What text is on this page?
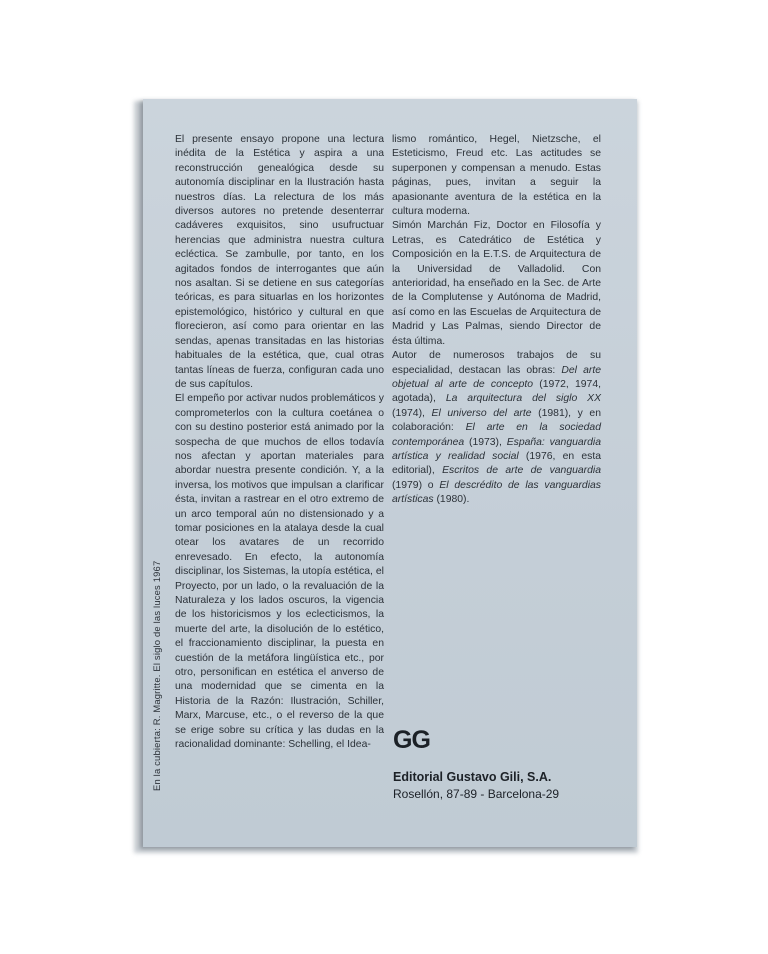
El presente ensayo propone una lectura inédita de la Estética y aspira a una reconstrucción genealógica desde su autonomía disciplinar en la Ilustración hasta nuestros días. La relectura de los más diversos autores no pretende desenterrar cadáveres exquisitos, sino usufructuar herencias que administra nuestra cultura ecléctica. Se zambulle, por tanto, en los agitados fondos de interrogantes que aún nos asaltan. Si se detiene en sus categorías teóricas, es para situarlas en los horizontes epistemológico, histórico y cultural en que florecieron, así como para orientar en las sendas, apenas transitadas en las historias habituales de la estética, que, cual otras tantas líneas de fuerza, configuran cada uno de sus capítulos.

El empeño por activar nudos problemáticos y comprometerlos con la cultura coetánea o con su destino posterior está animado por la sospecha de que muchos de ellos todavía nos afectan y aportan materiales para abordar nuestra presente condición. Y, a la inversa, los motivos que impulsan a clarificar ésta, invitan a rastrear en el otro extremo de un arco temporal aún no distensionado y a tomar posiciones en la atalaya desde la cual otear los avatares de un recorrido enrevesado. En efecto, la autonomía disciplinar, los Sistemas, la utopía estética, el Proyecto, por un lado, o la revaluación de la Naturaleza y los lados oscuros, la vigencia de los historicismos y los eclecticismos, la muerte del arte, la disolución de lo estético, el fraccionamiento disciplinar, la puesta en cuestión de la metáfora lingüística etc., por otro, personifican en estética el anverso de una modernidad que se cimenta en la Historia de la Razón: Ilustración, Schiller, Marx, Marcuse, etc., o el reverso de la que se erige sobre su crítica y las dudas en la racionalidad dominante: Schelling, el Idea-

lismo romántico, Hegel, Nietzsche, el Esteticismo, Freud etc. Las actitudes se superponen y compensan a menudo. Estas páginas, pues, invitan a seguir la apasionante aventura de la estética en la cultura moderna.

Simón Marchán Fiz, Doctor en Filosofía y Letras, es Catedrático de Estética y Composición en la E.T.S. de Arquitectura de la Universidad de Valladolid. Con anterioridad, ha enseñado en la Sec. de Arte de la Complutense y Autónoma de Madrid, así como en las Escuelas de Arquitectura de Madrid y Las Palmas, siendo Director de ésta última.

Autor de numerosos trabajos de su especialidad, destacan las obras: Del arte objetual al arte de concepto (1972, 1974, agotada), La arquitectura del siglo XX (1974), El universo del arte (1981), y en colaboración: El arte en la sociedad contemporánea (1973), España: vanguardia artística y realidad social (1976, en esta editorial), Escritos de arte de vanguardia (1979) o El descrédito de las vanguardias artísticas (1980).

En la cubierta: R. Magritte. El siglo de las luces 1967	GG
Editorial Gustavo Gili, S.A.
Rosellón, 87-89 - Barcelona-29
